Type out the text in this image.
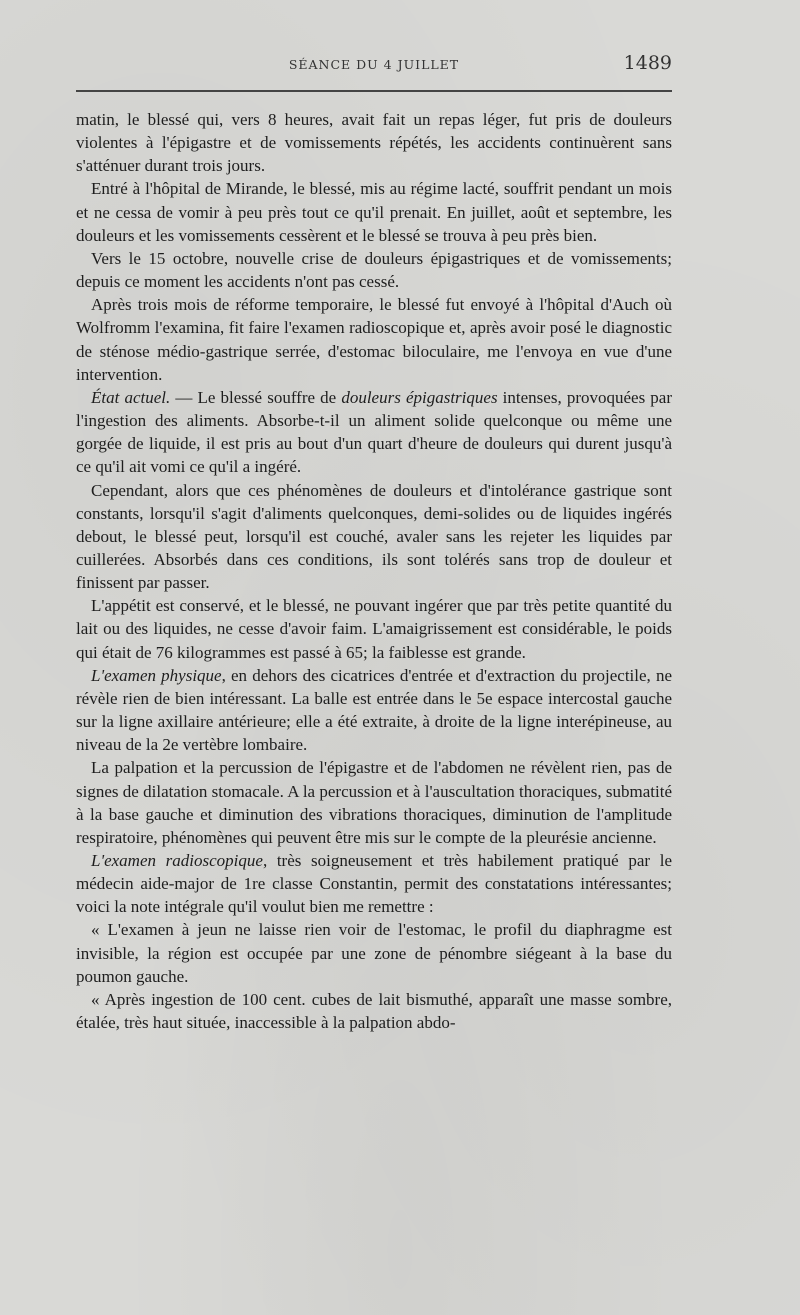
SÉANCE DU 4 JUILLET	1489

matin, le blessé qui, vers 8 heures, avait fait un repas léger, fut pris de douleurs violentes à l'épigastre et de vomissements répétés, les accidents continuèrent sans s'atténuer durant trois jours.

Entré à l'hôpital de Mirande, le blessé, mis au régime lacté, souffrit pendant un mois et ne cessa de vomir à peu près tout ce qu'il prenait. En juillet, août et septembre, les douleurs et les vomissements cessèrent et le blessé se trouva à peu près bien.

Vers le 15 octobre, nouvelle crise de douleurs épigastriques et de vomissements; depuis ce moment les accidents n'ont pas cessé.

Après trois mois de réforme temporaire, le blessé fut envoyé à l'hôpital d'Auch où Wolfromm l'examina, fit faire l'examen radioscopique et, après avoir posé le diagnostic de sténose médio-gastrique serrée, d'estomac biloculaire, me l'envoya en vue d'une intervention.

État actuel. — Le blessé souffre de douleurs épigastriques intenses, provoquées par l'ingestion des aliments. Absorbe-t-il un aliment solide quelconque ou même une gorgée de liquide, il est pris au bout d'un quart d'heure de douleurs qui durent jusqu'à ce qu'il ait vomi ce qu'il a ingéré.

Cependant, alors que ces phénomènes de douleurs et d'intolérance gastrique sont constants, lorsqu'il s'agit d'aliments quelconques, demi-solides ou de liquides ingérés debout, le blessé peut, lorsqu'il est couché, avaler sans les rejeter les liquides par cuillerées. Absorbés dans ces conditions, ils sont tolérés sans trop de douleur et finissent par passer.

L'appétit est conservé, et le blessé, ne pouvant ingérer que par très petite quantité du lait ou des liquides, ne cesse d'avoir faim. L'amaigrissement est considérable, le poids qui était de 76 kilogrammes est passé à 65; la faiblesse est grande.

L'examen physique, en dehors des cicatrices d'entrée et d'extraction du projectile, ne révèle rien de bien intéressant. La balle est entrée dans le 5e espace intercostal gauche sur la ligne axillaire antérieure; elle a été extraite, à droite de la ligne interépineuse, au niveau de la 2e vertèbre lombaire.

La palpation et la percussion de l'épigastre et de l'abdomen ne révèlent rien, pas de signes de dilatation stomacale. A la percussion et à l'auscultation thoraciques, submatité à la base gauche et diminution des vibrations thoraciques, diminution de l'amplitude respiratoire, phénomènes qui peuvent être mis sur le compte de la pleurésie ancienne.

L'examen radioscopique, très soigneusement et très habilement pratiqué par le médecin aide-major de 1re classe Constantin, permit des constatations intéressantes; voici la note intégrale qu'il voulut bien me remettre :

« L'examen à jeun ne laisse rien voir de l'estomac, le profil du diaphragme est invisible, la région est occupée par une zone de pénombre siégeant à la base du poumon gauche.

« Après ingestion de 100 cent. cubes de lait bismuthé, apparaît une masse sombre, étalée, très haut située, inaccessible à la palpation abdo-
